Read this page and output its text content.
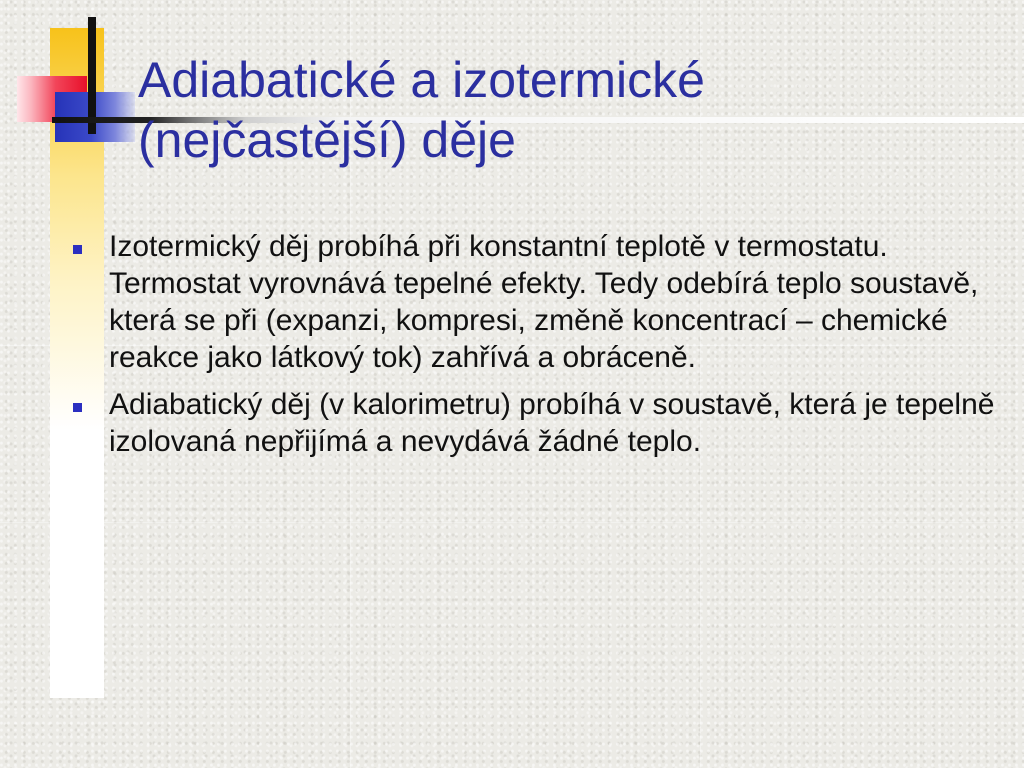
Adiabatické a izotermické
(nejčastější) děje
Izotermický děj probíhá při konstantní teplotě v termostatu. Termostat vyrovnává tepelné efekty. Tedy odebírá teplo soustavě, která se při (expanzi, kompresi, změně koncentrací – chemické reakce jako látkový tok) zahřívá a obráceně.
Adiabatický děj (v kalorimetru) probíhá v soustavě, která je tepelně izolovaná nepřijímá a nevydává žádné teplo.
